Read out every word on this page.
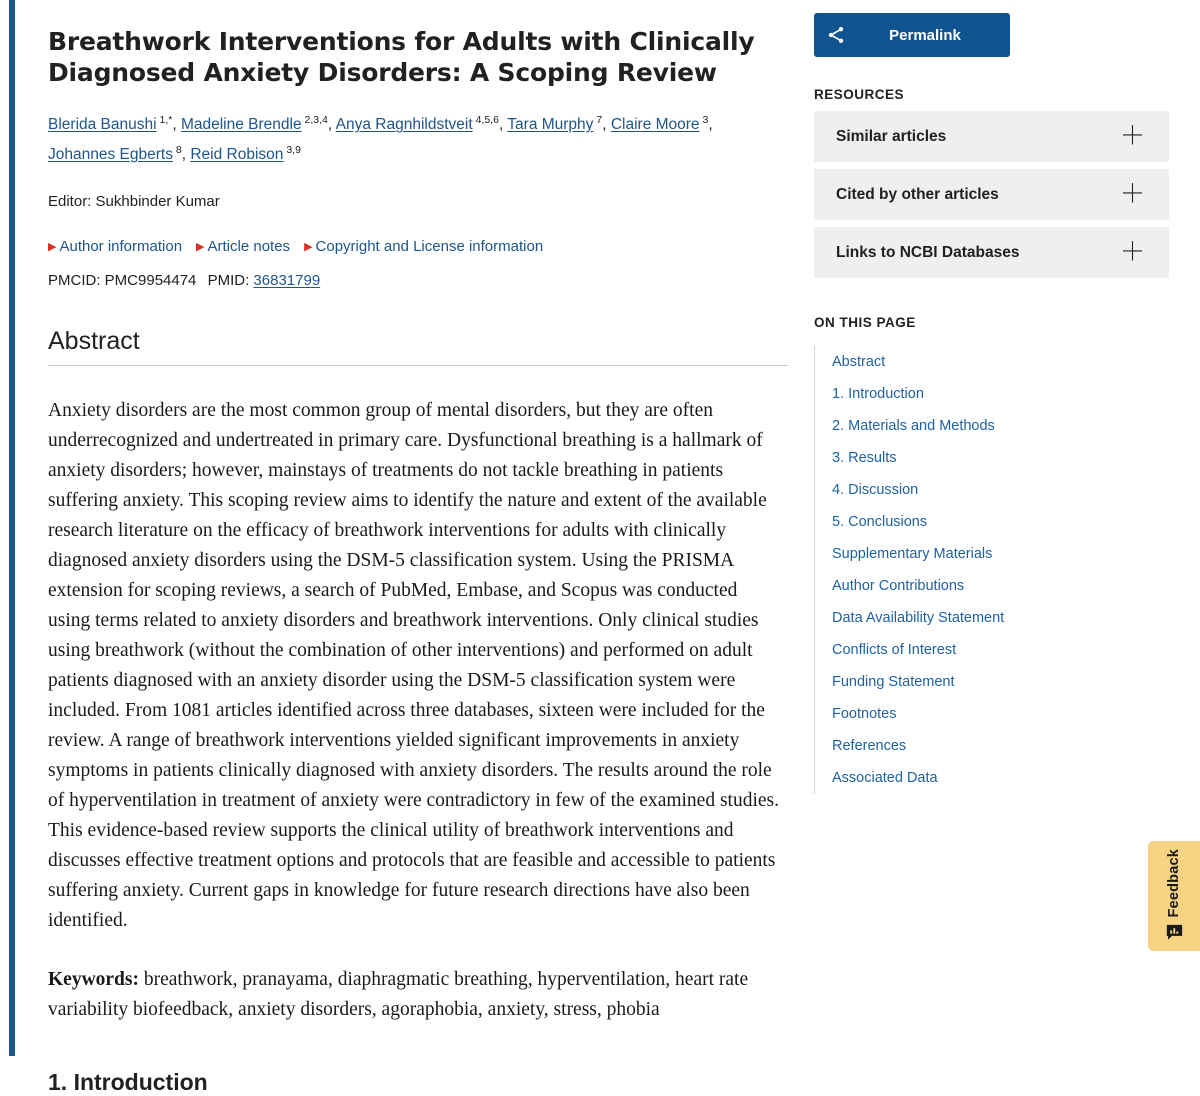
Breathwork Interventions for Adults with Clinically Diagnosed Anxiety Disorders: A Scoping Review
Blerida Banushi $^{1,*}$, Madeline Brendle $^{2,3,4}$, Anya Ragnhildstveit $^{4,5,6}$, Tara Murphy $^7$, Claire Moore $^3$, Johannes Egberts $^8$, Reid Robison $^{3,9}$
Editor: Sukhbinder Kumar
▶ Author information ▶ Article notes ▶ Copyright and License information
PMCID: PMC9954474 PMID: 36831799
Abstract

Anxiety disorders are the most common group of mental disorders, but they are often underrecognized and undertreated in primary care. Dysfunctional breathing is a hallmark of anxiety disorders; however, mainstays of treatments do not tackle breathing in patients suffering anxiety. This scoping review aims to identify the nature and extent of the available research literature on the efficacy of breathwork interventions for adults with clinically diagnosed anxiety disorders using the DSM-5 classification system. Using the PRISMA extension for scoping reviews, a search of PubMed, Embase, and Scopus was conducted using terms related to anxiety disorders and breathwork interventions. Only clinical studies using breathwork (without the combination of other interventions) and performed on adult patients diagnosed with an anxiety disorder using the DSM-5 classification system were included. From 1081 articles identified across three databases, sixteen were included for the review. A range of breathwork interventions yielded significant improvements in anxiety symptoms in patients clinically diagnosed with anxiety disorders. The results around the role of hyperventilation in treatment of anxiety were contradictory in few of the examined studies. This evidence-based review supports the clinical utility of breathwork interventions and discusses effective treatment options and protocols that are feasible and accessible to patients suffering anxiety. Current gaps in knowledge for future research directions have also been identified.

Keywords: breathwork, pranayama, diaphragmatic breathing, hyperventilation, heart rate variability biofeedback, anxiety disorders, agoraphobia, anxiety, stress, phobia

1. Introduction
Permalink
RESOURCES
Similar articles	＋
Cited by other articles	＋
Links to NCBI Databases	＋
ON THIS PAGE
Abstract
1. Introduction
2. Materials and Methods
3. Results
4. Discussion
5. Conclusions
Supplementary Materials
Author Contributions
Data Availability Statement
Conflicts of Interest
Funding Statement
Footnotes
References
Associated Data
Feedback
